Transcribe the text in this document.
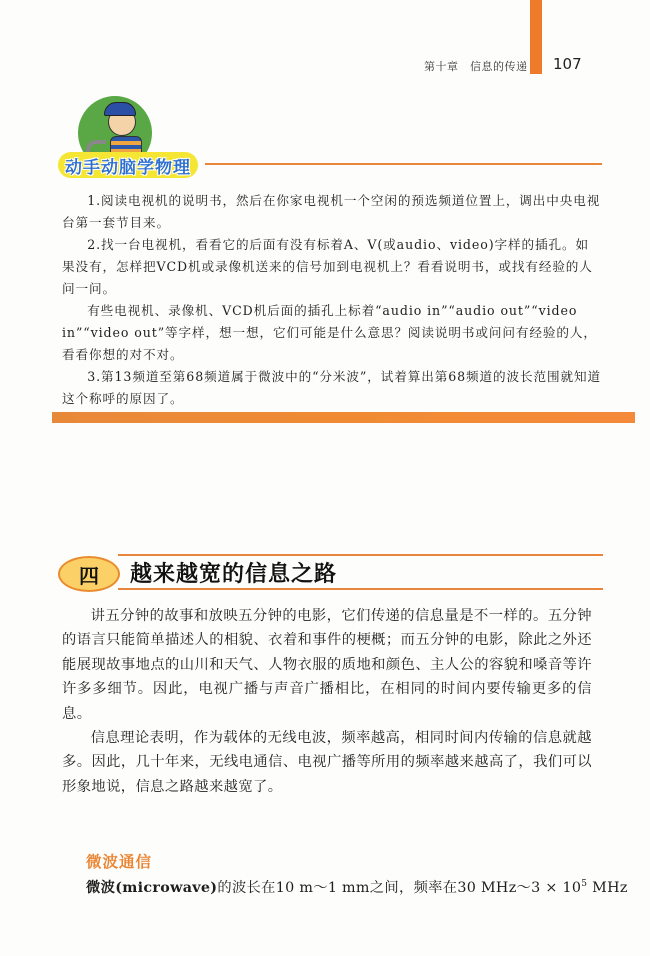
第十章　信息的传递 107
动手动脑学物理

1.阅读电视机的说明书，然后在你家电视机一个空闲的预选频道位置上，调出中央电视台第一套节目来。

2.找一台电视机，看看它的后面有没有标着A、V(或audio、video)字样的插孔。如果没有，怎样把VCD机或录像机送来的信号加到电视机上？看看说明书，或找有经验的人问一问。

有些电视机、录像机、VCD机后面的插孔上标着“audio in”“audio out”“video　in”“video out”等字样，想一想，它们可能是什么意思？阅读说明书或问问有经验的人，看看你想的对不对。

3.第13频道至第68频道属于微波中的“分米波”，试着算出第68频道的波长范围就知道这个称呼的原因了。

四 越来越宽的信息之路

讲五分钟的故事和放映五分钟的电影，它们传递的信息量是不一样的。五分钟的语言只能简单描述人的相貌、衣着和事件的梗概；而五分钟的电影，除此之外还能展现故事地点的山川和天气、人物衣服的质地和颜色、主人公的容貌和嗓音等许许多多细节。因此，电视广播与声音广播相比，在相同的时间内要传输更多的信息。

信息理论表明，作为载体的无线电波，频率越高，相同时间内传输的信息就越多。因此，几十年来，无线电通信、电视广播等所用的频率越来越高了，我们可以形象地说，信息之路越来越宽了。

微波通信
微波(microwave)的波长在10 m～1 mm之间，频率在30 MHz～3 × $10^5$ MHz
